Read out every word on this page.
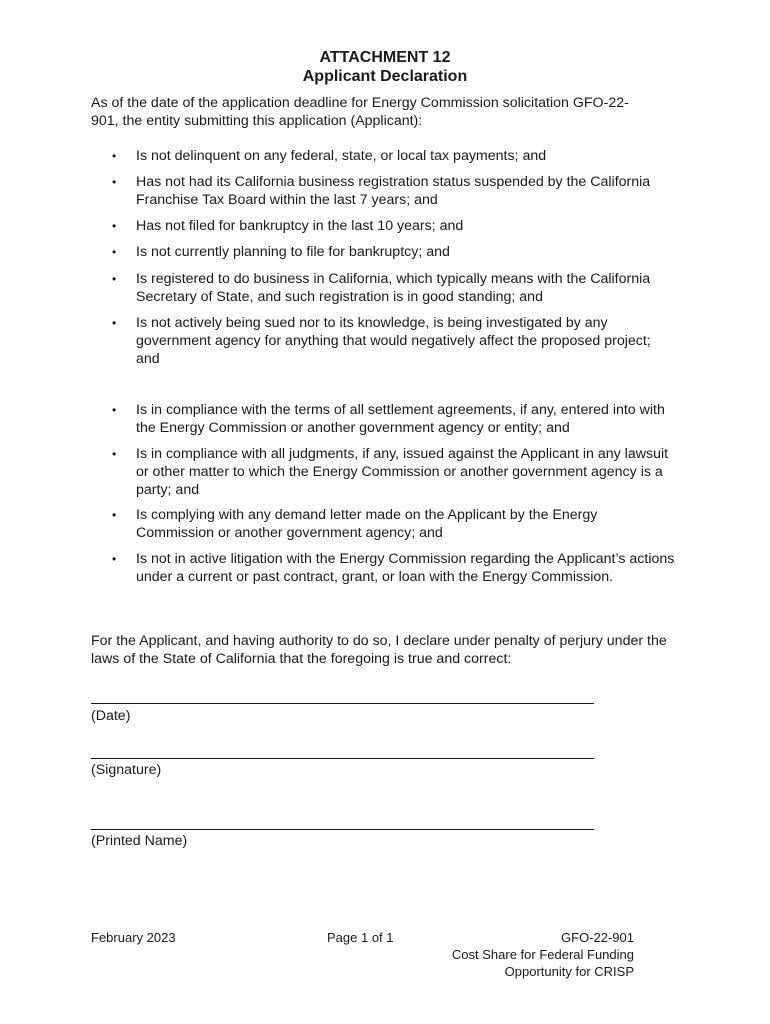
ATTACHMENT 12
Applicant Declaration
As of the date of the application deadline for Energy Commission solicitation GFO-22-901, the entity submitting this application (Applicant):
• Is not delinquent on any federal, state, or local tax payments; and
• Has not had its California business registration status suspended by the California Franchise Tax Board within the last 7 years; and
• Has not filed for bankruptcy in the last 10 years; and
• Is not currently planning to file for bankruptcy; and
• Is registered to do business in California, which typically means with the California Secretary of State, and such registration is in good standing; and
• Is not actively being sued nor to its knowledge, is being investigated by any government agency for anything that would negatively affect the proposed project; and
• Is in compliance with the terms of all settlement agreements, if any, entered into with the Energy Commission or another government agency or entity; and
• Is in compliance with all judgments, if any, issued against the Applicant in any lawsuit or other matter to which the Energy Commission or another government agency is a party; and
• Is complying with any demand letter made on the Applicant by the Energy Commission or another government agency; and
• Is not in active litigation with the Energy Commission regarding the Applicant’s actions under a current or past contract, grant, or loan with the Energy Commission.
For the Applicant, and having authority to do so, I declare under penalty of perjury under the laws of the State of California that the foregoing is true and correct:
(Date)
(Signature)
(Printed Name)
February 2023	Page 1 of 1	GFO-22-901
Cost Share for Federal Funding
Opportunity for CRISP
